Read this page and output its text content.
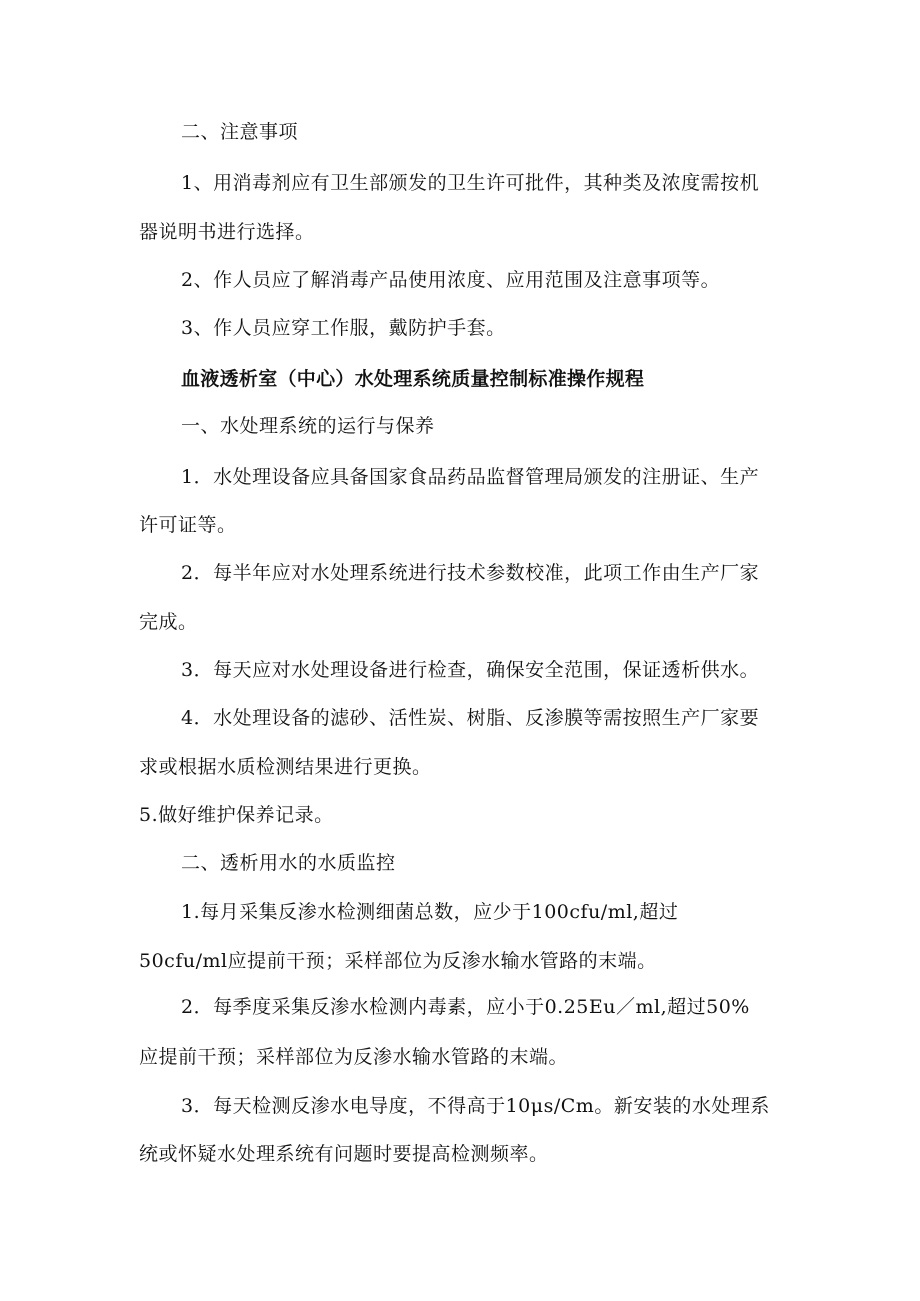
二、注意事项
1、用消毒剂应有卫生部颁发的卫生许可批件，其种类及浓度需按机
器说明书进行选择。
2、作人员应了解消毒产品使用浓度、应用范围及注意事项等。
3、作人员应穿工作服，戴防护手套。
血液透析室（中心）水处理系统质量控制标准操作规程
一、水处理系统的运行与保养
1．水处理设备应具备国家食品药品监督管理局颁发的注册证、生产
许可证等。
2．每半年应对水处理系统进行技术参数校准，此项工作由生产厂家
完成。
3．每天应对水处理设备进行检查，确保安全范围，保证透析供水。
4．水处理设备的滤砂、活性炭、树脂、反渗膜等需按照生产厂家要
求或根据水质检测结果进行更换。
5.做好维护保养记录。
二、透析用水的水质监控
1.每月采集反渗水检测细菌总数，应少于100cfu/ml,超过
50cfu/ml应提前干预；采样部位为反渗水输水管路的末端。
2．每季度采集反渗水检测内毒素，应小于0.25Eu／ml,超过50%
应提前干预；采样部位为反渗水输水管路的末端。
3．每天检测反渗水电导度，不得高于10μs/Cm。新安装的水处理系
统或怀疑水处理系统有问题时要提高检测频率。
